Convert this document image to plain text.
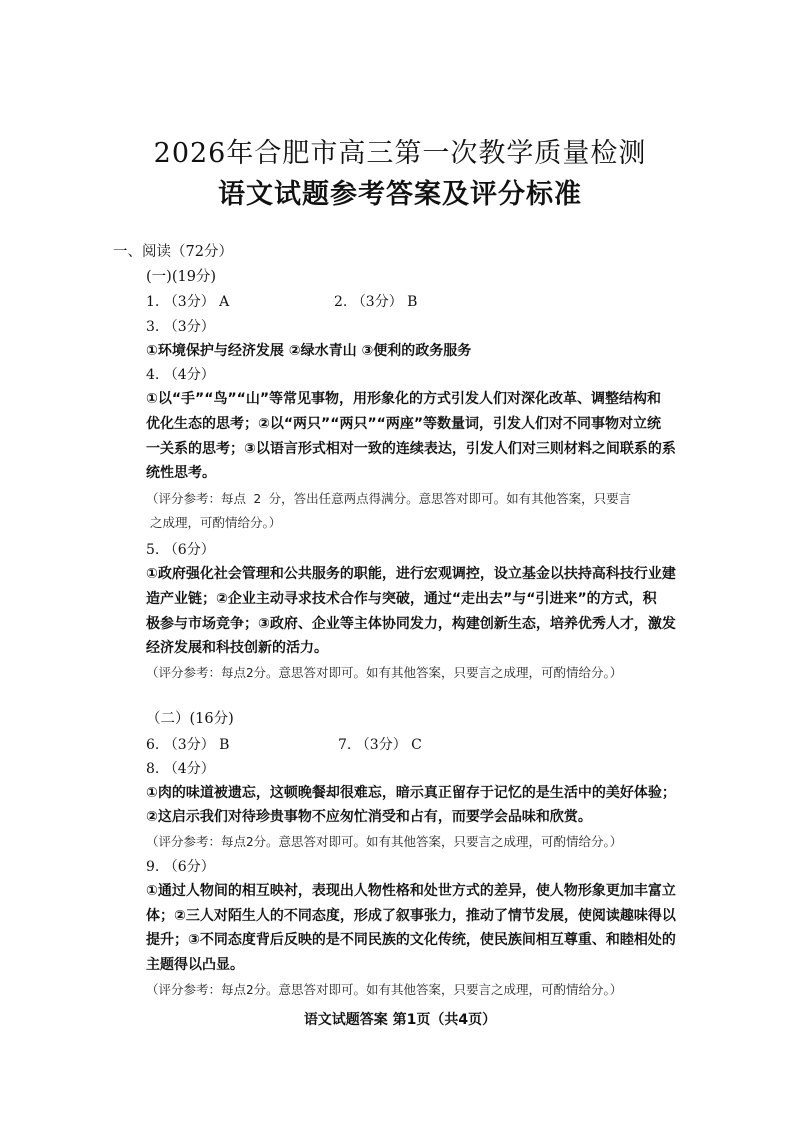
2026年合肥市高三第一次教学质量检测
语文试题参考答案及评分标准
一、阅读（72分）
(一)(19分)
1. （3分） A	2. （3分） B
3. （3分）
①环境保护与经济发展 ②绿水青山 ③便利的政务服务
4. （4分）
①以“手”“鸟”“山”等常见事物，用形象化的方式引发人们对深化改革、调整结构和
优化生态的思考；②以“两只”“两只”“两座”等数量词，引发人们对不同事物对立统
一关系的思考；③以语言形式相对一致的连续表达，引发人们对三则材料之间联系的系
统性思考。
（评分参考：每点 2 分，答出任意两点得满分。意思答对即可。如有其他答案，只要言
之成理，可酌情给分。）
5. （6分）
①政府强化社会管理和公共服务的职能，进行宏观调控，设立基金以扶持高科技行业建
造产业链；②企业主动寻求技术合作与突破，通过“走出去”与“引进来”的方式，积
极参与市场竞争；③政府、企业等主体协同发力，构建创新生态，培养优秀人才，激发
经济发展和科技创新的活力。
（评分参考：每点2分。意思答对即可。如有其他答案，只要言之成理，可酌情给分。）
（二）(16分)
6. （3分） B	7. （3分） C
8. （4分）
①肉的味道被遗忘，这顿晚餐却很难忘，暗示真正留存于记忆的是生活中的美好体验；
②这启示我们对待珍贵事物不应匆忙消受和占有，而要学会品味和欣赏。
（评分参考：每点2分。意思答对即可。如有其他答案，只要言之成理，可酌情给分。）
9. （6分）
①通过人物间的相互映衬，表现出人物性格和处世方式的差异，使人物形象更加丰富立
体；②三人对陌生人的不同态度，形成了叙事张力，推动了情节发展，使阅读趣味得以
提升；③不同态度背后反映的是不同民族的文化传统，使民族间相互尊重、和睦相处的
主题得以凸显。
（评分参考：每点2分。意思答对即可。如有其他答案，只要言之成理，可酌情给分。）
语文试题答案 第1页（共4页）
